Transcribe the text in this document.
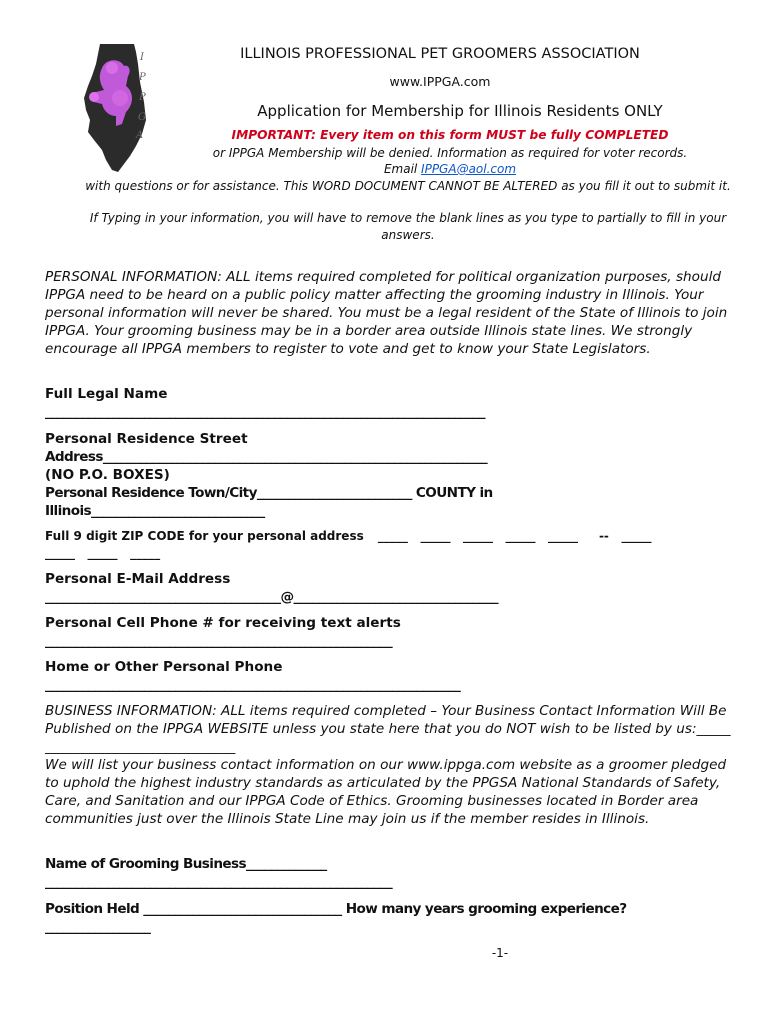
I
P
P
G
A
ILLINOIS PROFESSIONAL PET GROOMERS ASSOCIATION
www.IPPGA.com
Application for Membership for Illinois Residents ONLY
IMPORTANT: Every item on this form MUST be fully COMPLETED
or IPPGA Membership will be denied. Information as required for voter records.
Email IPPGA@aol.com
with questions or for assistance. This WORD DOCUMENT CANNOT BE ALTERED as you fill it out to submit it.
If Typing in your information, you will have to remove the blank lines as you type to partially to fill in your answers.
PERSONAL INFORMATION: ALL items required completed for political organization purposes, should IPPGA need to be heard on a public policy matter affecting the grooming industry in Illinois. Your personal information will never be shared. You must be a legal resident of the State of Illinois to join IPPGA. Your grooming business may be in a border area outside Illinois state lines. We strongly encourage all IPPGA members to register to vote and get to know your State Legislators.
Full Legal Name
_______________________________________________________________________
Personal Residence Street
Address______________________________________________________________
(NO P.O. BOXES)
Personal Residence Town/City_________________________ COUNTY in
Illinois____________________________
Full 9 digit ZIP CODE for your personal address _____   _____   _____   _____   _____     --   _____
_____   _____   _____
Personal E-Mail Address
______________________________________@_________________________________
Personal Cell Phone # for receiving text alerts
________________________________________________________
Home or Other Personal Phone
___________________________________________________________________
BUSINESS INFORMATION: ALL items required completed – Your Business Contact Information Will Be Published on the IPPGA WEBSITE unless you state here that you do NOT wish to be listed by us:_________________________________
We will list your business contact information on our www.ippga.com website as a groomer pledged to uphold the highest industry standards as articulated by the PPGSA National Standards of Safety, Care, and Sanitation and our IPPGA Code of Ethics. Grooming businesses located in Border area communities just over the Illinois State Line may join us if the member resides in Illinois.
Name of Grooming Business_____________
________________________________________________________
Position Held ________________________________ How many years grooming experience?
_________________
-1-
